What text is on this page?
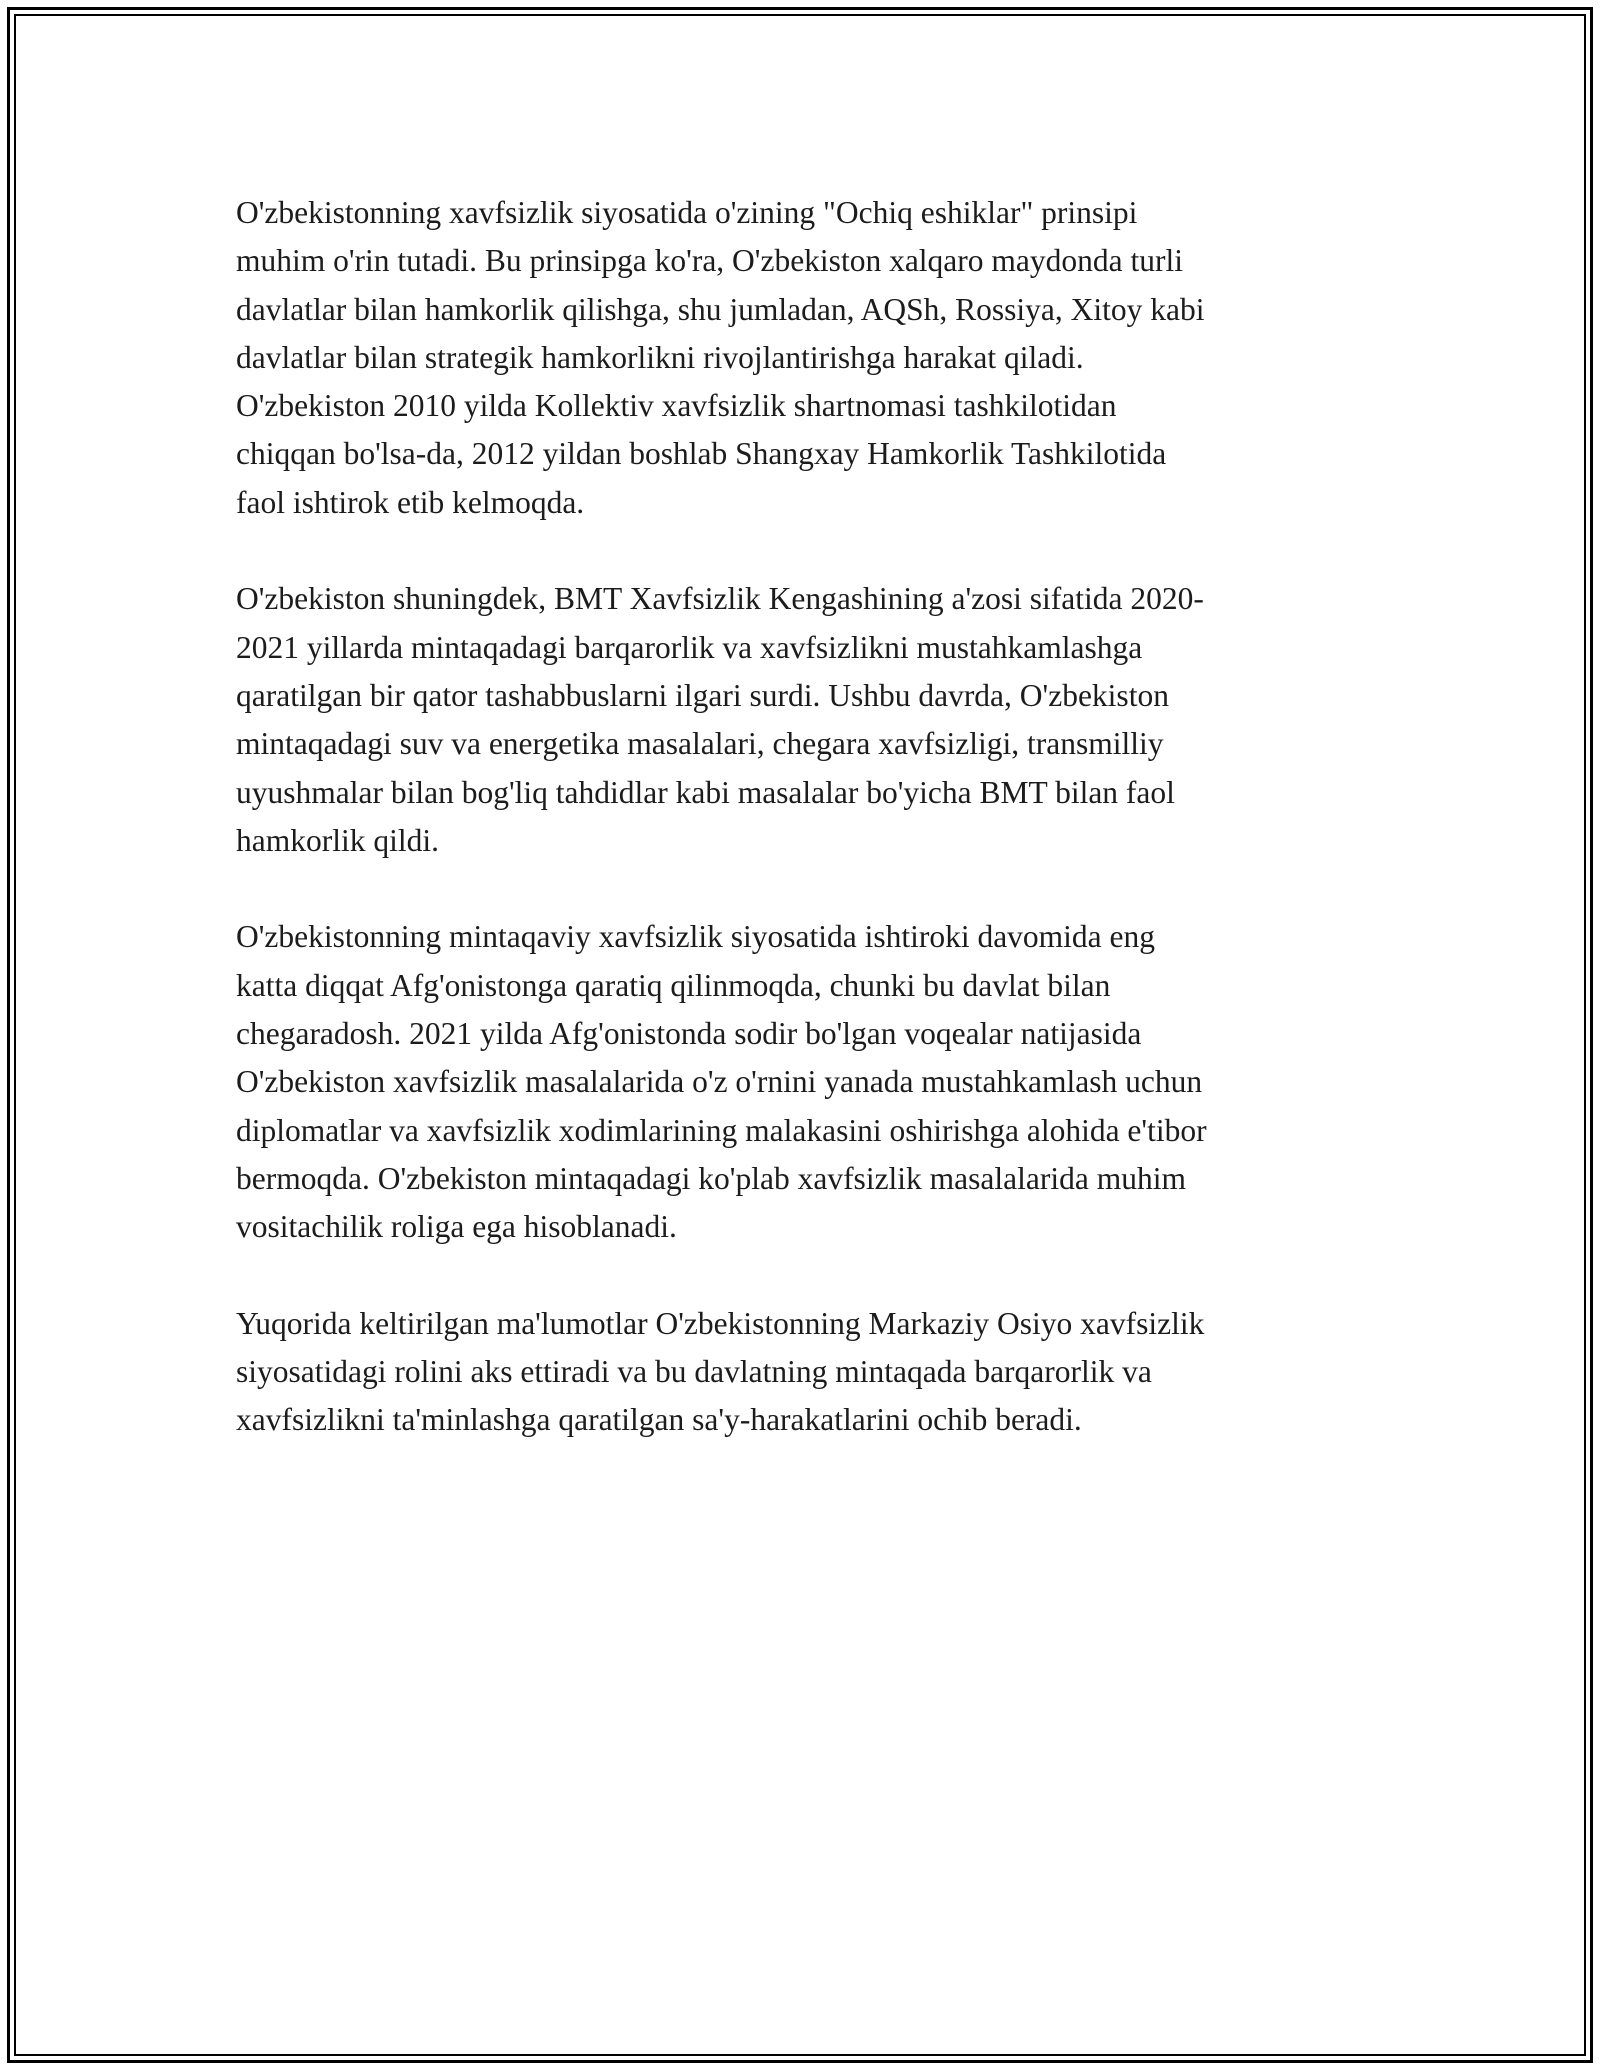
O'zbekistonning xavfsizlik siyosatida o'zining "Ochiq eshiklar" prinsipi
muhim o'rin tutadi. Bu prinsipga ko'ra, O'zbekiston xalqaro maydonda turli
davlatlar bilan hamkorlik qilishga, shu jumladan, AQSh, Rossiya, Xitoy kabi
davlatlar bilan strategik hamkorlikni rivojlantirishga harakat qiladi.
O'zbekiston 2010 yilda Kollektiv xavfsizlik shartnomasi tashkilotidan
chiqqan bo'lsa-da, 2012 yildan boshlab Shangxay Hamkorlik Tashkilotida
faol ishtirok etib kelmoqda.

O'zbekiston shuningdek, BMT Xavfsizlik Kengashining a'zosi sifatida 2020-
2021 yillarda mintaqadagi barqarorlik va xavfsizlikni mustahkamlashga
qaratilgan bir qator tashabbuslarni ilgari surdi. Ushbu davrda, O'zbekiston
mintaqadagi suv va energetika masalalari, chegara xavfsizligi, transmilliy
uyushmalar bilan bog'liq tahdidlar kabi masalalar bo'yicha BMT bilan faol
hamkorlik qildi.

O'zbekistonning mintaqaviy xavfsizlik siyosatida ishtiroki davomida eng
katta diqqat Afg'onistonga qaratiq qilinmoqda, chunki bu davlat bilan
chegaradosh. 2021 yilda Afg'onistonda sodir bo'lgan voqealar natijasida
O'zbekiston xavfsizlik masalalarida o'z o'rnini yanada mustahkamlash uchun
diplomatlar va xavfsizlik xodimlarining malakasini oshirishga alohida e'tibor
bermoqda. O'zbekiston mintaqadagi ko'plab xavfsizlik masalalarida muhim
vositachilik roliga ega hisoblanadi.

Yuqorida keltirilgan ma'lumotlar O'zbekistonning Markaziy Osiyo xavfsizlik
siyosatidagi rolini aks ettiradi va bu davlatning mintaqada barqarorlik va
xavfsizlikni ta'minlashga qaratilgan sa'y-harakatlarini ochib beradi.
